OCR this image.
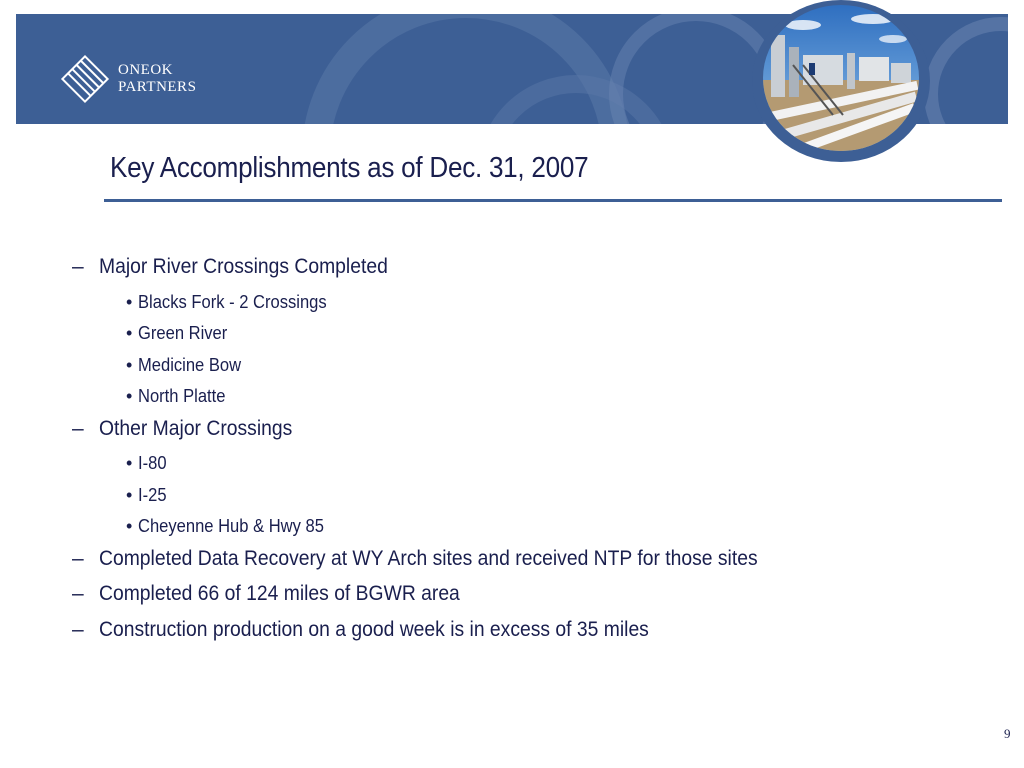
ONEOK
PARTNERS
Key Accomplishments as of Dec. 31, 2007
– Major River Crossings Completed
• Blacks Fork - 2 Crossings
• Green River
• Medicine Bow
• North Platte
– Other Major Crossings
• I-80
• I-25
• Cheyenne Hub & Hwy 85
– Completed Data Recovery at WY Arch sites and received NTP for those sites
– Completed 66 of 124 miles of BGWR area
– Construction production on a good week is in excess of 35 miles
9
